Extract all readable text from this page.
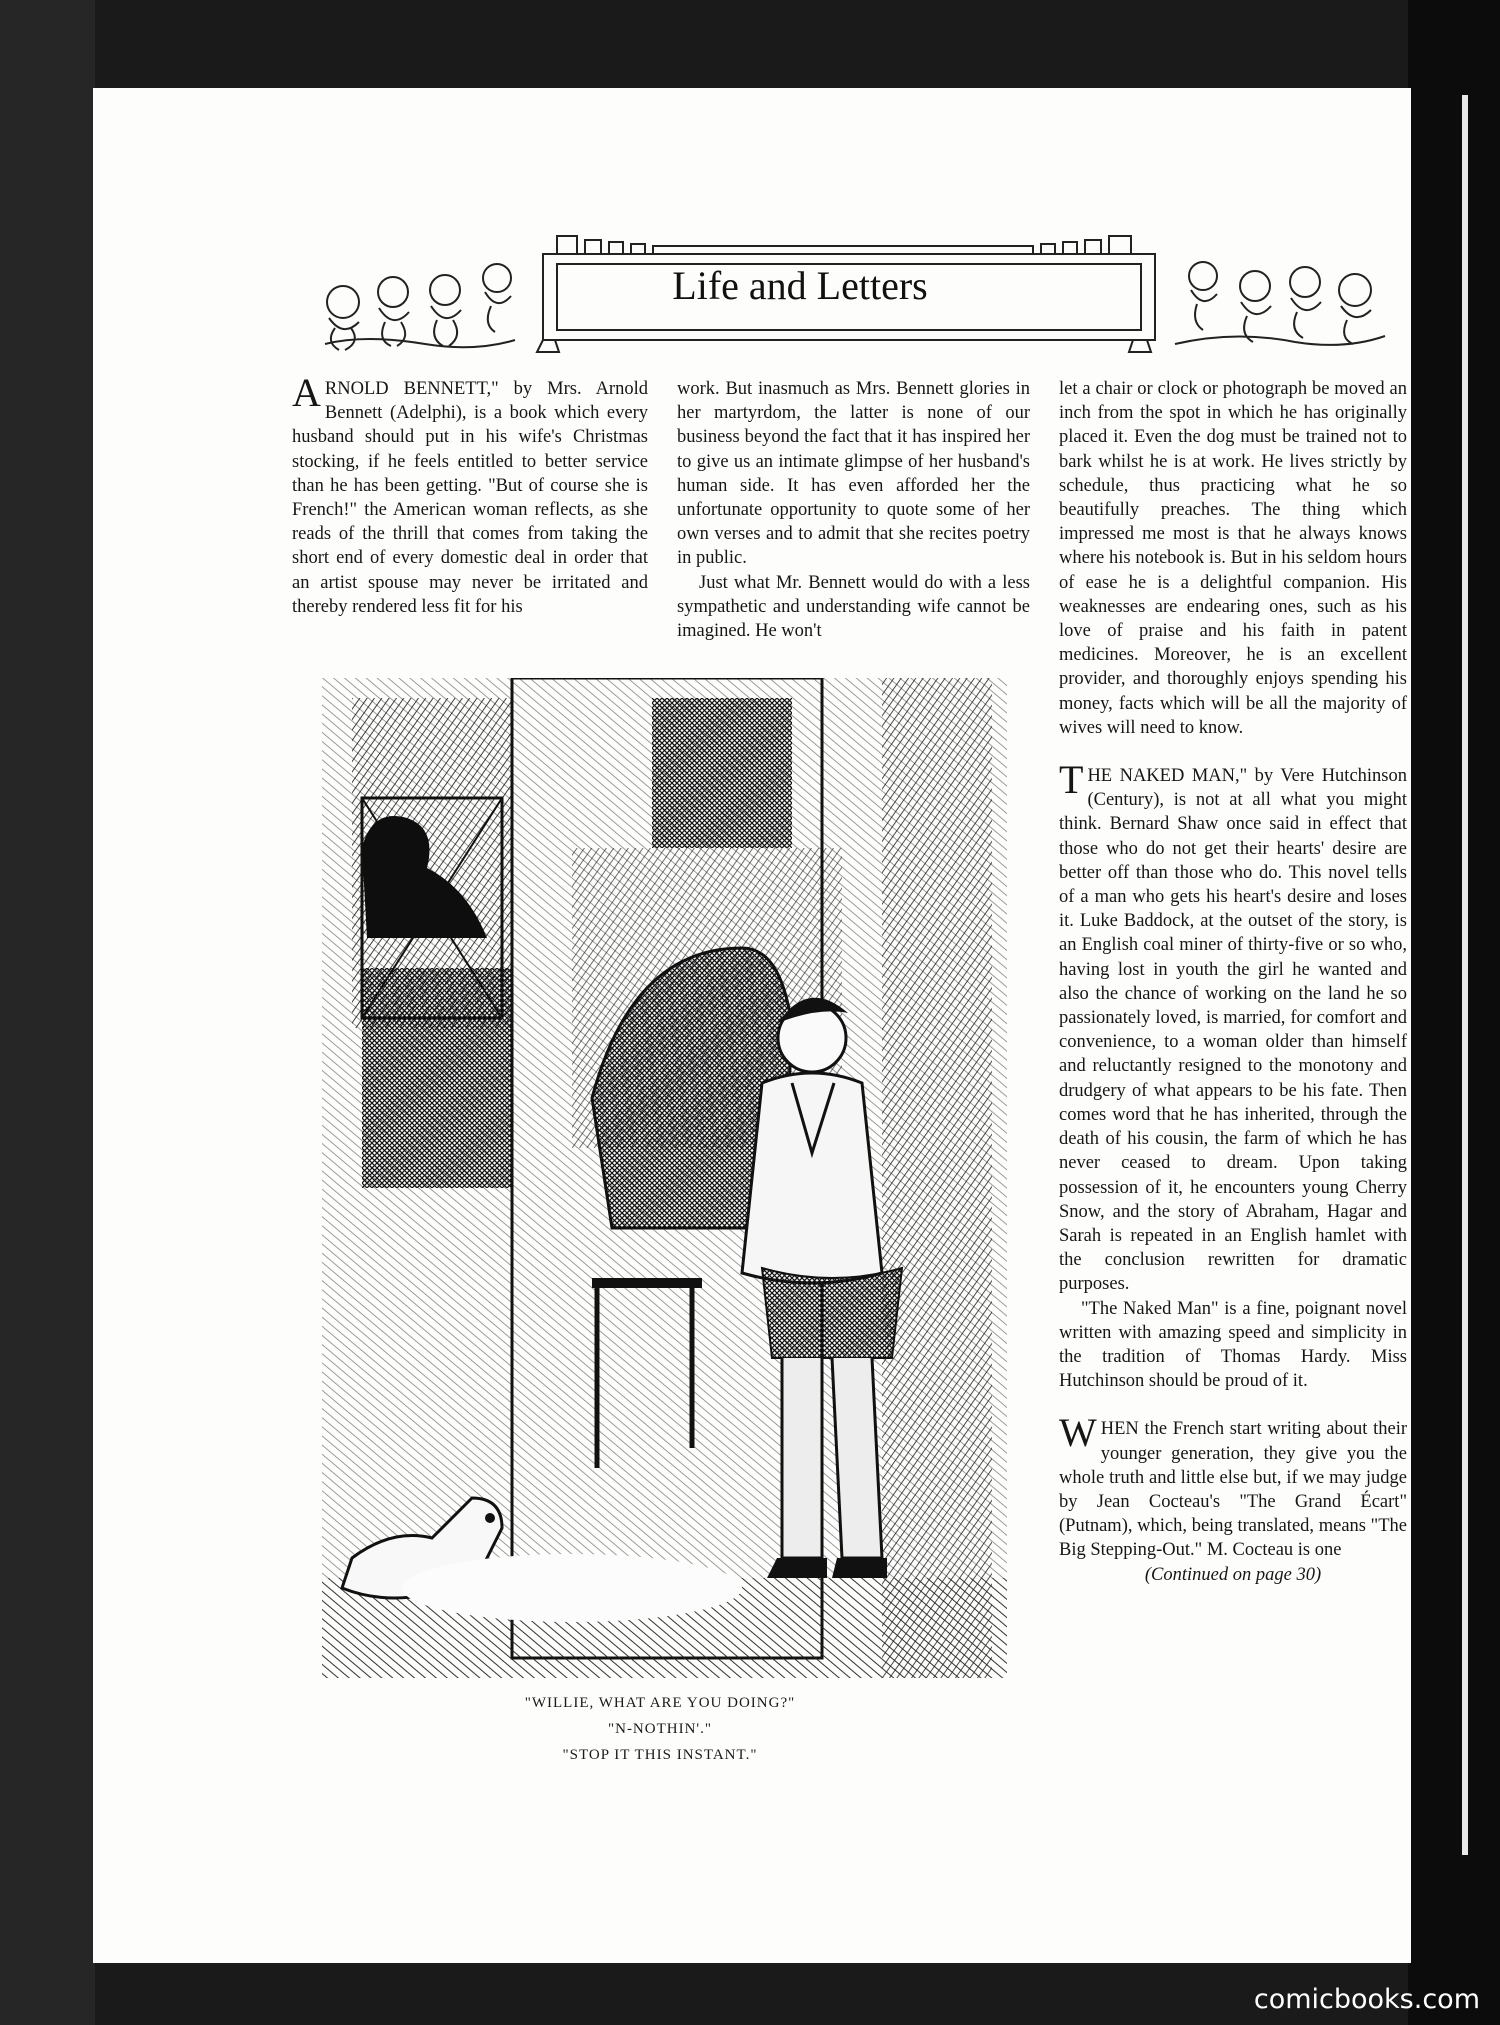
Life and Letters

ARNOLD BENNETT," by Mrs. Arnold Bennett (Adelphi), is a book which every husband should put in his wife's Christmas stocking, if he feels entitled to better service than he has been getting. "But of course she is French!" the American woman reflects, as she reads of the thrill that comes from taking the short end of every domestic deal in order that an artist spouse may never be irritated and thereby rendered less fit for his

work. But inasmuch as Mrs. Bennett glories in her martyrdom, the latter is none of our business beyond the fact that it has inspired her to give us an intimate glimpse of her husband's human side. It has even afforded her the unfortunate opportunity to quote some of her own verses and to admit that she recites poetry in public.

Just what Mr. Bennett would do with a less sympathetic and understanding wife cannot be imagined. He won't

let a chair or clock or photograph be moved an inch from the spot in which he has originally placed it. Even the dog must be trained not to bark whilst he is at work. He lives strictly by schedule, thus practicing what he so beautifully preaches. The thing which impressed me most is that he always knows where his notebook is. But in his seldom hours of ease he is a delightful companion. His weaknesses are endearing ones, such as his love of praise and his faith in patent medicines. Moreover, he is an excellent provider, and thoroughly enjoys spending his money, facts which will be all the majority of wives will need to know.

THE NAKED MAN," by Vere Hutchinson (Century), is not at all what you might think. Bernard Shaw once said in effect that those who do not get their hearts' desire are better off than those who do. This novel tells of a man who gets his heart's desire and loses it. Luke Baddock, at the outset of the story, is an English coal miner of thirty-five or so who, having lost in youth the girl he wanted and also the chance of working on the land he so passionately loved, is married, for comfort and convenience, to a woman older than himself and reluctantly resigned to the monotony and drudgery of what appears to be his fate. Then comes word that he has inherited, through the death of his cousin, the farm of which he has never ceased to dream. Upon taking possession of it, he encounters young Cherry Snow, and the story of Abraham, Hagar and Sarah is repeated in an English hamlet with the conclusion rewritten for dramatic purposes.

"The Naked Man" is a fine, poignant novel written with amazing speed and simplicity in the tradition of Thomas Hardy. Miss Hutchinson should be proud of it.

WHEN the French start writing about their younger generation, they give you the whole truth and little else but, if we may judge by Jean Cocteau's "The Grand Écart" (Putnam), which, being translated, means "The Big Stepping-Out." M. Cocteau is one

(Continued on page 30)

"WILLIE, WHAT ARE YOU DOING?"
"N-NOTHIN'."
"STOP IT THIS INSTANT."
comicbooks.com
